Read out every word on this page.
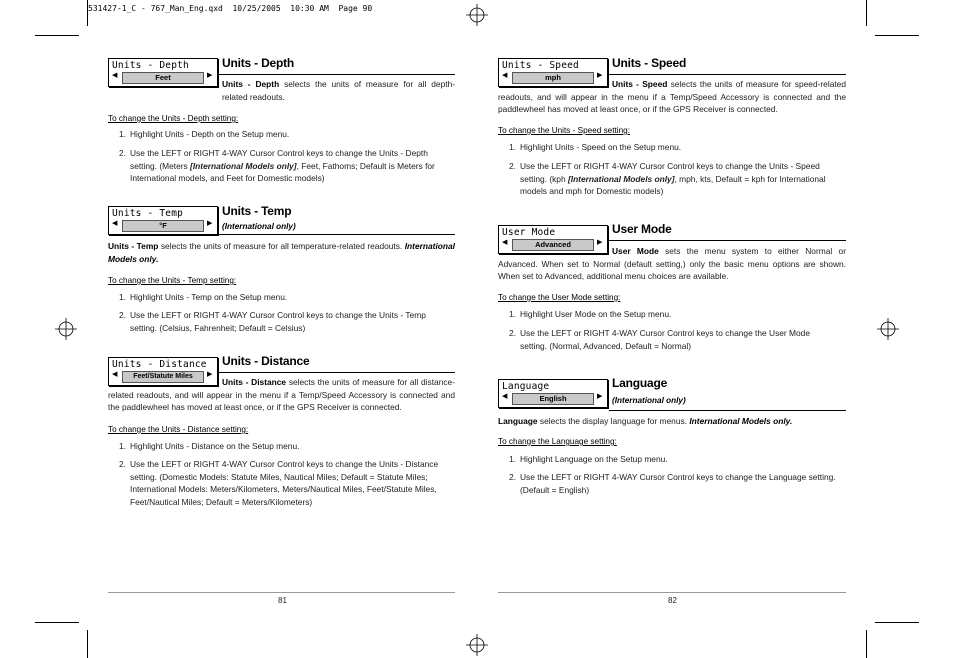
531427-1_C - 767_Man_Eng.qxd  10/25/2005  10:30 AM  Page 90
Units - Depth
◀	Feet	▶
Units - Depth
Units - Depth selects the units of measure for all depth-related readouts.
To change the Units - Depth setting:
1. Highlight Units - Depth on the Setup menu.
2. Use the LEFT or RIGHT 4-WAY Cursor Control keys to change the Units - Depth setting. (Meters [International Models only], Feet, Fathoms; Default is Meters for International models, and Feet for Domestic models)
Units - Temp
◀	°F	▶
Units - Temp
(International only)
Units - Temp selects the units of measure for all temperature-related readouts. International Models only.
To change the Units - Temp setting:
1. Highlight Units - Temp on the Setup menu.
2. Use the LEFT or RIGHT 4-WAY Cursor Control keys to change the Units - Temp setting. (Celsius, Fahrenheit; Default = Celsius)
Units - Distance
◀	Feet/Statute Miles	▶
Units - Distance
Units - Distance selects the units of measure for all distance-related readouts, and will appear in the menu if a Temp/Speed Accessory is connected and the paddlewheel has moved at least once, or if the GPS Receiver is connected.
To change the Units - Distance setting:
1. Highlight Units - Distance on the Setup menu.
2. Use the LEFT or RIGHT 4-WAY Cursor Control keys to change the Units - Distance setting. (Domestic Models: Statute Miles, Nautical Miles; Default = Statute Miles; International Models: Meters/Kilometers, Meters/Nautical Miles, Feet/Statute Miles, Feet/Nautical Miles; Default = Meters/Kilometers)
81
Units - Speed
◀	mph	▶
Units - Speed
Units - Speed selects the units of measure for speed-related readouts, and will appear in the menu if a Temp/Speed Accessory is connected and the paddlewheel has moved at least once, or if the GPS Receiver is connected.
To change the Units - Speed setting:
1. Highlight Units - Speed on the Setup menu.
2. Use the LEFT or RIGHT 4-WAY Cursor Control keys to change the Units - Speed setting. (kph [International Models only], mph, kts, Default = kph for International models and mph for Domestic models)
User Mode
◀	Advanced	▶
User Mode
User Mode sets the menu system to either Normal or Advanced. When set to Normal (default setting,) only the basic menu options are shown. When set to Advanced, additional menu choices are available.
To change the User Mode setting:
1. Highlight User Mode on the Setup menu.
2. Use the LEFT or RIGHT 4-WAY Cursor Control keys to change the User Mode setting. (Normal, Advanced, Default = Normal)
Language
◀	English	▶
Language
(International only)
Language selects the display language for menus. International Models only.
To change the Language setting:
1. Highlight Language on the Setup menu.
2. Use the LEFT or RIGHT 4-WAY Cursor Control keys to change the Language setting. (Default = English)
82
